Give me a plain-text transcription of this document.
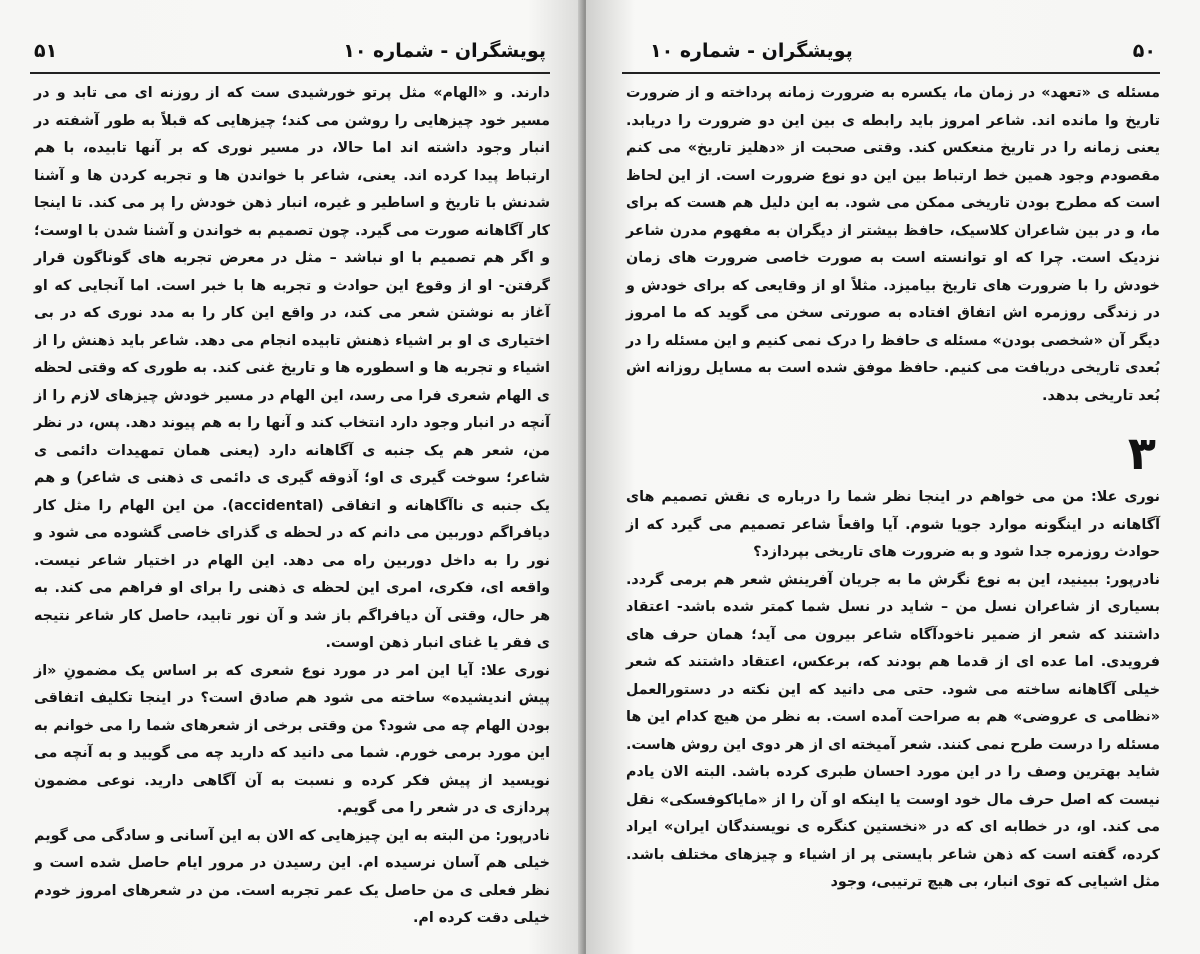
۵۱	پویشگران - شماره ۱۰

دارند. و «الهام» مثل پرتو خورشیدی ست که از روزنه ای می تابد و در مسیر خود چیزهایی را روشن می کند؛ چیزهایی که قبلاً به طور آشفته در انبار وجود داشته اند اما حالا، در مسیر نوری که بر آنها تابیده، با هم ارتباط پیدا کرده اند. یعنی، شاعر با خواندن ها و تجربه کردن ها و آشنا شدنش با تاریخ و اساطیر و غیره، انبار ذهن خودش را پر می کند. تا اینجا کار آگاهانه صورت می گیرد. چون تصمیم به خواندن و آشنا شدن با اوست؛ و اگر هم تصمیم با او نباشد – مثل در معرض تجربه های گوناگون قرار گرفتن- او از وقوع این حوادث و تجربه ها با خبر است. اما آنجایی که او آغاز به نوشتن شعر می کند، در واقع این کار را به مدد نوری که در بی اختیاری ی او بر اشیاء ذهنش تابیده انجام می دهد. شاعر باید ذهنش را از اشیاء و تجربه ها و اسطوره ها و تاریخ غنی کند. به طوری که وقتی لحظه ی الهام شعری فرا می رسد، این الهام در مسیر خودش چیزهای لازم را از آنچه در انبار وجود دارد انتخاب کند و آنها را به هم پیوند دهد. پس، در نظر من، شعر هم یک جنبه ی آگاهانه دارد (یعنی همان تمهیدات دائمی ی شاعر؛ سوخت گیری ی او؛ آذوقه گیری ی دائمی ی ذهنی ی شاعر) و هم یک جنبه ی ناآگاهانه و اتفاقی (accidental). من این الهام را مثل کار دیافراگم دوربین می دانم که در لحظه ی گذرای خاصی گشوده می شود و نور را به داخل دوربین راه می دهد. این الهام در اختیار شاعر نیست. واقعه ای، فکری، امری این لحظه ی ذهنی را برای او فراهم می کند. به هر حال، وقتی آن دیافراگم باز شد و آن نور تابید، حاصل کار شاعر نتیجه ی فقر یا غنای انبار ذهن اوست.

نوری علا: آیا این امر در مورد نوع شعری که بر اساس یک مضمونِ «از پیش اندیشیده» ساخته می شود هم صادق است؟ در اینجا تکلیف اتفاقی بودن الهام چه می شود؟ من وقتی برخی از شعرهای شما را می خوانم به این مورد برمی خورم. شما می دانید که دارید چه می گویید و به آنچه می نویسید از پیش فکر کرده و نسبت به آن آگاهی دارید. نوعی مضمون پردازی ی در شعر را می گویم.

نادرپور: من البته به این چیزهایی که الان به این آسانی و سادگی می گویم خیلی هم آسان نرسیده ام. این رسیدن در مرور ایام حاصل شده است و نظر فعلی ی من حاصل یک عمر تجربه است. من در شعرهای امروز خودم خیلی دقت کرده ام.

پویشگران - شماره ۱۰	۵۰

مسئله ی «تعهد» در زمان ما، یکسره به ضرورت زمانه پرداخته و از ضرورت تاریخ وا مانده اند. شاعر امروز باید رابطه ی بین این دو ضرورت را دریابد. یعنی زمانه را در تاریخ منعکس کند. وقتی صحبت از «دهلیز تاریخ» می کنم مقصودم وجود همین خط ارتباط بین این دو نوع ضرورت است. از این لحاظ است که مطرح بودن تاریخی ممکن می شود. به این دلیل هم هست که برای ما، و در بین شاعران کلاسیک، حافظ بیشتر از دیگران به مفهوم مدرن شاعر نزدیک است. چرا که او توانسته است به صورت خاصی ضرورت های زمان خودش را با ضرورت های تاریخ بیامیزد. مثلاً او از وقایعی که برای خودش و در زندگی روزمره اش اتفاق افتاده به صورتی سخن می گوید که ما امروز دیگر آن «شخصی بودن» مسئله ی حافظ را درک نمی کنیم و این مسئله را در بُعدی تاریخی دریافت می کنیم. حافظ موفق شده است به مسایل روزانه اش بُعد تاریخی بدهد.

۳

نوری علا: من می خواهم در اینجا نظر شما را درباره ی نقش تصمیم های آگاهانه در اینگونه موارد جویا شوم. آیا واقعاً شاعر تصمیم می گیرد که از حوادث روزمره جدا شود و به ضرورت های تاریخی بپردازد؟

نادرپور: ببینید، این به نوع نگرش ما به جریان آفرینش شعر هم برمی گردد. بسیاری از شاعران نسل من – شاید در نسل شما کمتر شده باشد- اعتقاد داشتند که شعر از ضمیر ناخودآگاه شاعر بیرون می آید؛ همان حرف های فرویدی. اما عده ای از قدما هم بودند که، برعکس، اعتقاد داشتند که شعر خیلی آگاهانه ساخته می شود. حتی می دانید که این نکته در دستورالعمل «نظامی ی عروضی» هم به صراحت آمده است. به نظر من هیچ کدام این ها مسئله را درست طرح نمی کنند. شعر آمیخته ای از هر دوی این روش هاست. شاید بهترین وصف را در این مورد احسان طبری کرده باشد. البته الان یادم نیست که اصل حرف مال خود اوست یا اینکه او آن را از «مایاکوفسکی» نقل می کند. او، در خطابه ای که در «نخستین کنگره ی نویسندگان ایران» ایراد کرده، گفته است که ذهن شاعر بایستی پر از اشیاء و چیزهای مختلف باشد. مثل اشیایی که توی انبار، بی هیچ ترتیبی، وجود
